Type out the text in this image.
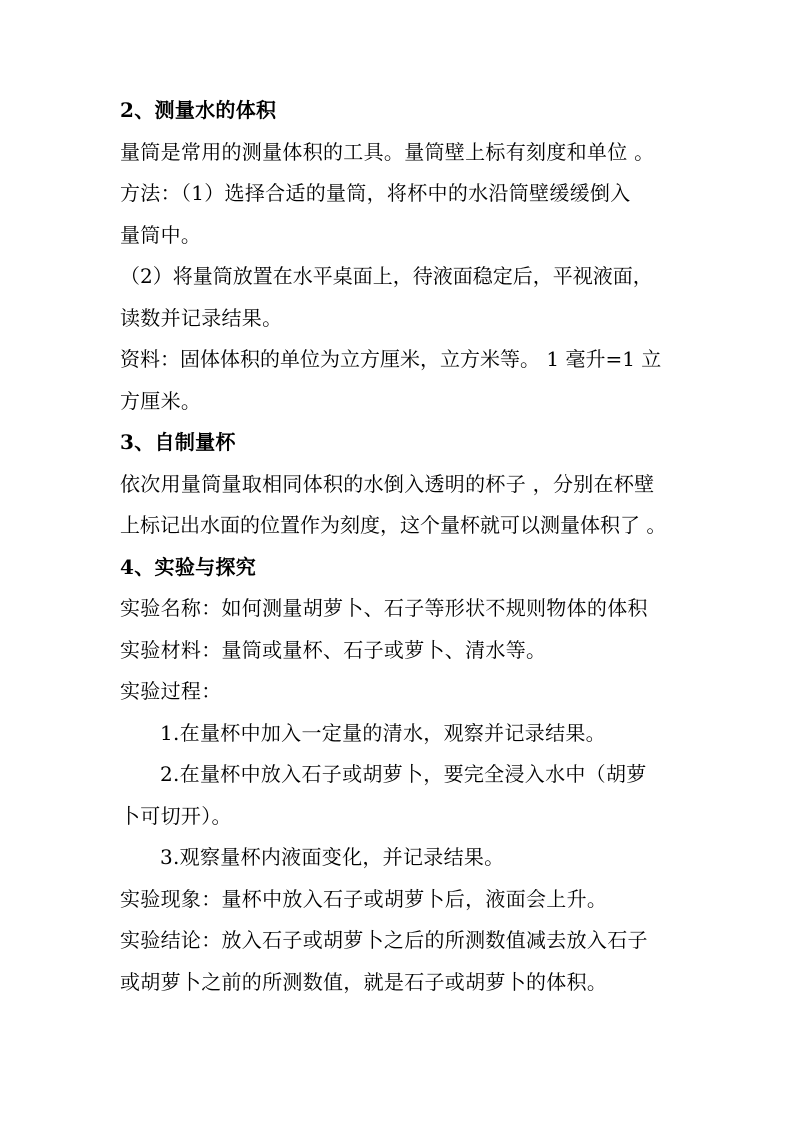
2、测量水的体积
量筒是常用的测量体积的工具。量筒壁上标有刻度和单位 。
方法：（1）选择合适的量筒，将杯中的水沿筒壁缓缓倒入
量筒中。
（2）将量筒放置在水平桌面上，待液面稳定后，平视液面，
读数并记录结果。
资料：固体体积的单位为立方厘米，立方米等。 1 毫升=1 立
方厘米。
3、自制量杯
依次用量筒量取相同体积的水倒入透明的杯子 ，分别在杯壁
上标记出水面的位置作为刻度，这个量杯就可以测量体积了 。
4、实验与探究
实验名称：如何测量胡萝卜、石子等形状不规则物体的体积
实验材料：量筒或量杯、石子或萝卜、清水等。
实验过程：
1.在量杯中加入一定量的清水，观察并记录结果。
2.在量杯中放入石子或胡萝卜，要完全浸入水中（胡萝
卜可切开）。
3.观察量杯内液面变化，并记录结果。
实验现象：量杯中放入石子或胡萝卜后，液面会上升。
实验结论：放入石子或胡萝卜之后的所测数值减去放入石子
或胡萝卜之前的所测数值，就是石子或胡萝卜的体积。
